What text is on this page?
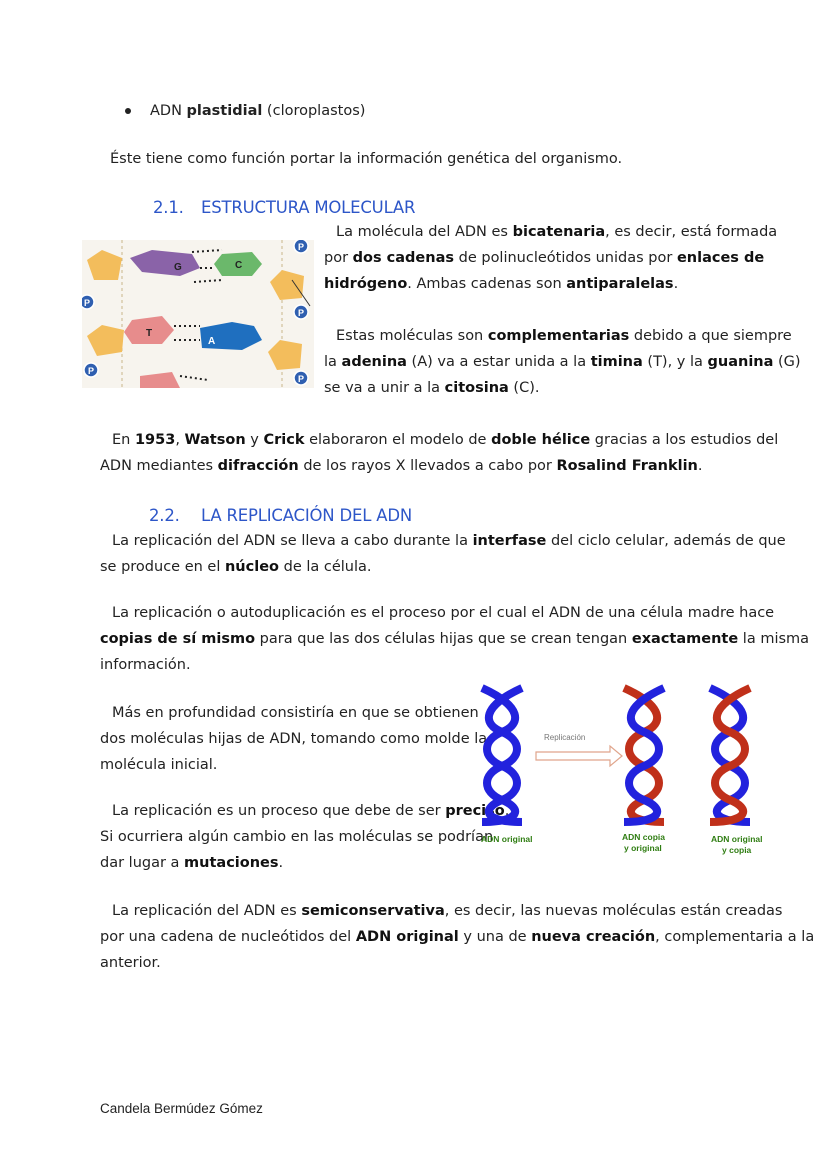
ADN plastidial (cloroplastos)
Éste tiene como función portar la información genética del organismo.
2.1. ESTRUCTURA MOLECULAR
G	C
T
A
P
P
P
P
P
La molécula del ADN es bicatenaria, es decir, está formada
por dos cadenas de polinucleótidos unidas por enlaces de
hidrógeno. Ambas cadenas son antiparalelas.
Estas moléculas son complementarias debido a que siempre
la adenina (A) va a estar unida a la timina (T), y la guanina (G)
se va a unir a la citosina (C).
En 1953, Watson y Crick elaboraron el modelo de doble hélice gracias a los estudios del
ADN mediantes difracción de los rayos X llevados a cabo por Rosalind Franklin.
2.2. LA REPLICACIÓN DEL ADN
La replicación del ADN se lleva a cabo durante la interfase del ciclo celular, además de que
se produce en el núcleo de la célula.
La replicación o autoduplicación es el proceso por el cual el ADN de una célula madre hace
copias de sí mismo para que las dos células hijas que se crean tengan exactamente la misma
información.
Más en profundidad consistiría en que se obtienen
dos moléculas hijas de ADN, tomando como molde la
molécula inicial.
La replicación es un proceso que debe de ser preciso.
Si ocurriera algún cambio en las moléculas se podrían
dar lugar a mutaciones.
Replicación
ADN original	ADN copia
y original
ADN original
y copia
La replicación del ADN es semiconservativa, es decir, las nuevas moléculas están creadas
por una cadena de nucleótidos del ADN original y una de nueva creación, complementaria a la
anterior.
Candela Bermúdez Gómez
